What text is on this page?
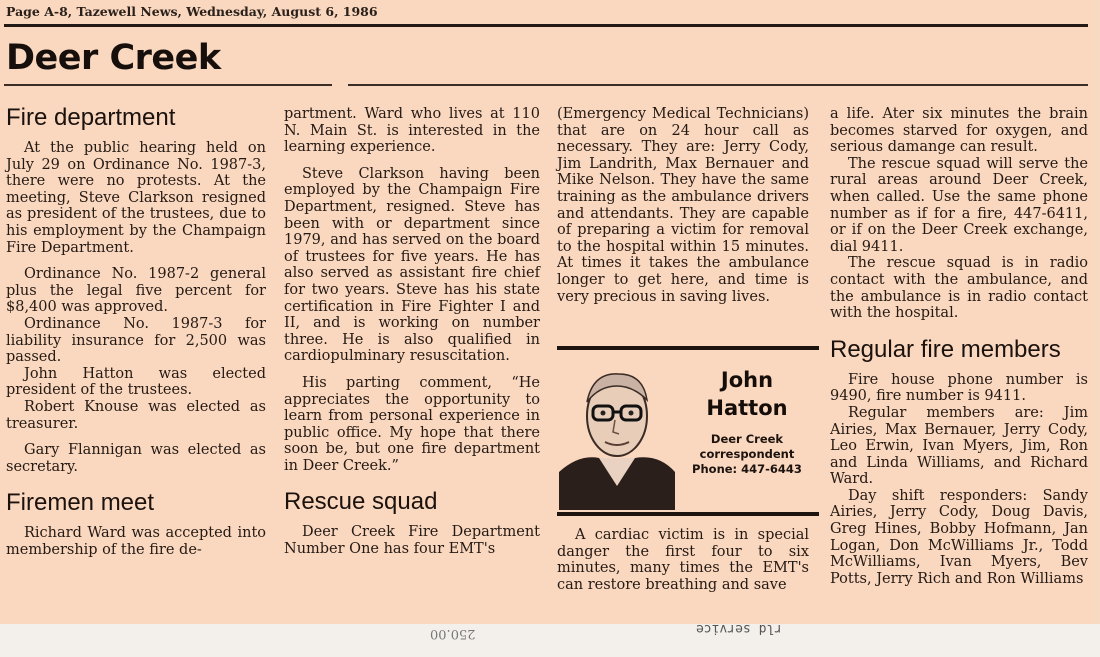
250.00	rld service
Page A-8, Tazewell News, Wednesday, August 6, 1986
Deer Creek
Fire department

At the public hearing held on July 29 on Ordinance No. 1987-3, there were no protests. At the meeting, Steve Clarkson resigned as president of the trustees, due to his employment by the Champaign Fire Department.

Ordinance No. 1987-2 general plus the legal five percent for $8,400 was approved.

Ordinance No. 1987-3 for liability insurance for 2,500 was passed.

John Hatton was elected president of the trustees.

Robert Knouse was elected as treasurer.

Gary Flannigan was elected as secretary.

Firemen meet

Richard Ward was accepted into membership of the fire de-

partment. Ward who lives at 110 N. Main St. is interested in the learning experience.

Steve Clarkson having been employed by the Champaign Fire Department, resigned. Steve has been with or department since 1979, and has served on the board of trustees for five years. He has also served as assistant fire chief for two years. Steve has his state certification in Fire Fighter I and II, and is working on number three. He is also qualified in cardiopulminary resuscitation.

His parting comment, “He appreciates the opportunity to learn from personal experience in public office. My hope that there soon be, but one fire department in Deer Creek.”

Rescue squad

Deer Creek Fire Department Number One has four EMT's

(Emergency Medical Technicians) that are on 24 hour call as necessary. They are: Jerry Cody, Jim Landrith, Max Bernauer and Mike Nelson. They have the same training as the ambulance drivers and attendants. They are capable of preparing a victim for removal to the hospital within 15 minutes. At times it takes the ambulance longer to get here, and time is very precious in saving lives.

John
Hatton
Deer Creek
correspondent
Phone: 447-6443

A cardiac victim is in special danger the first four to six minutes, many times the EMT's can restore breathing and save

a life. Ater six minutes the brain becomes starved for oxygen, and serious damange can result.

The rescue squad will serve the rural areas around Deer Creek, when called. Use the same phone number as if for a fire, 447-6411, or if on the Deer Creek exchange, dial 9411.

The rescue squad is in radio contact with the ambulance, and the ambulance is in radio contact with the hospital.

Regular fire members

Fire house phone number is 9490, fire number is 9411.

Regular members are: Jim Airies, Max Bernauer, Jerry Cody, Leo Erwin, Ivan Myers, Jim, Ron and Linda Williams, and Richard Ward.

Day shift responders: Sandy Airies, Jerry Cody, Doug Davis, Greg Hines, Bobby Hofmann, Jan Logan, Don McWilliams Jr., Todd McWilliams, Ivan Myers, Bev Potts, Jerry Rich and Ron Williams
